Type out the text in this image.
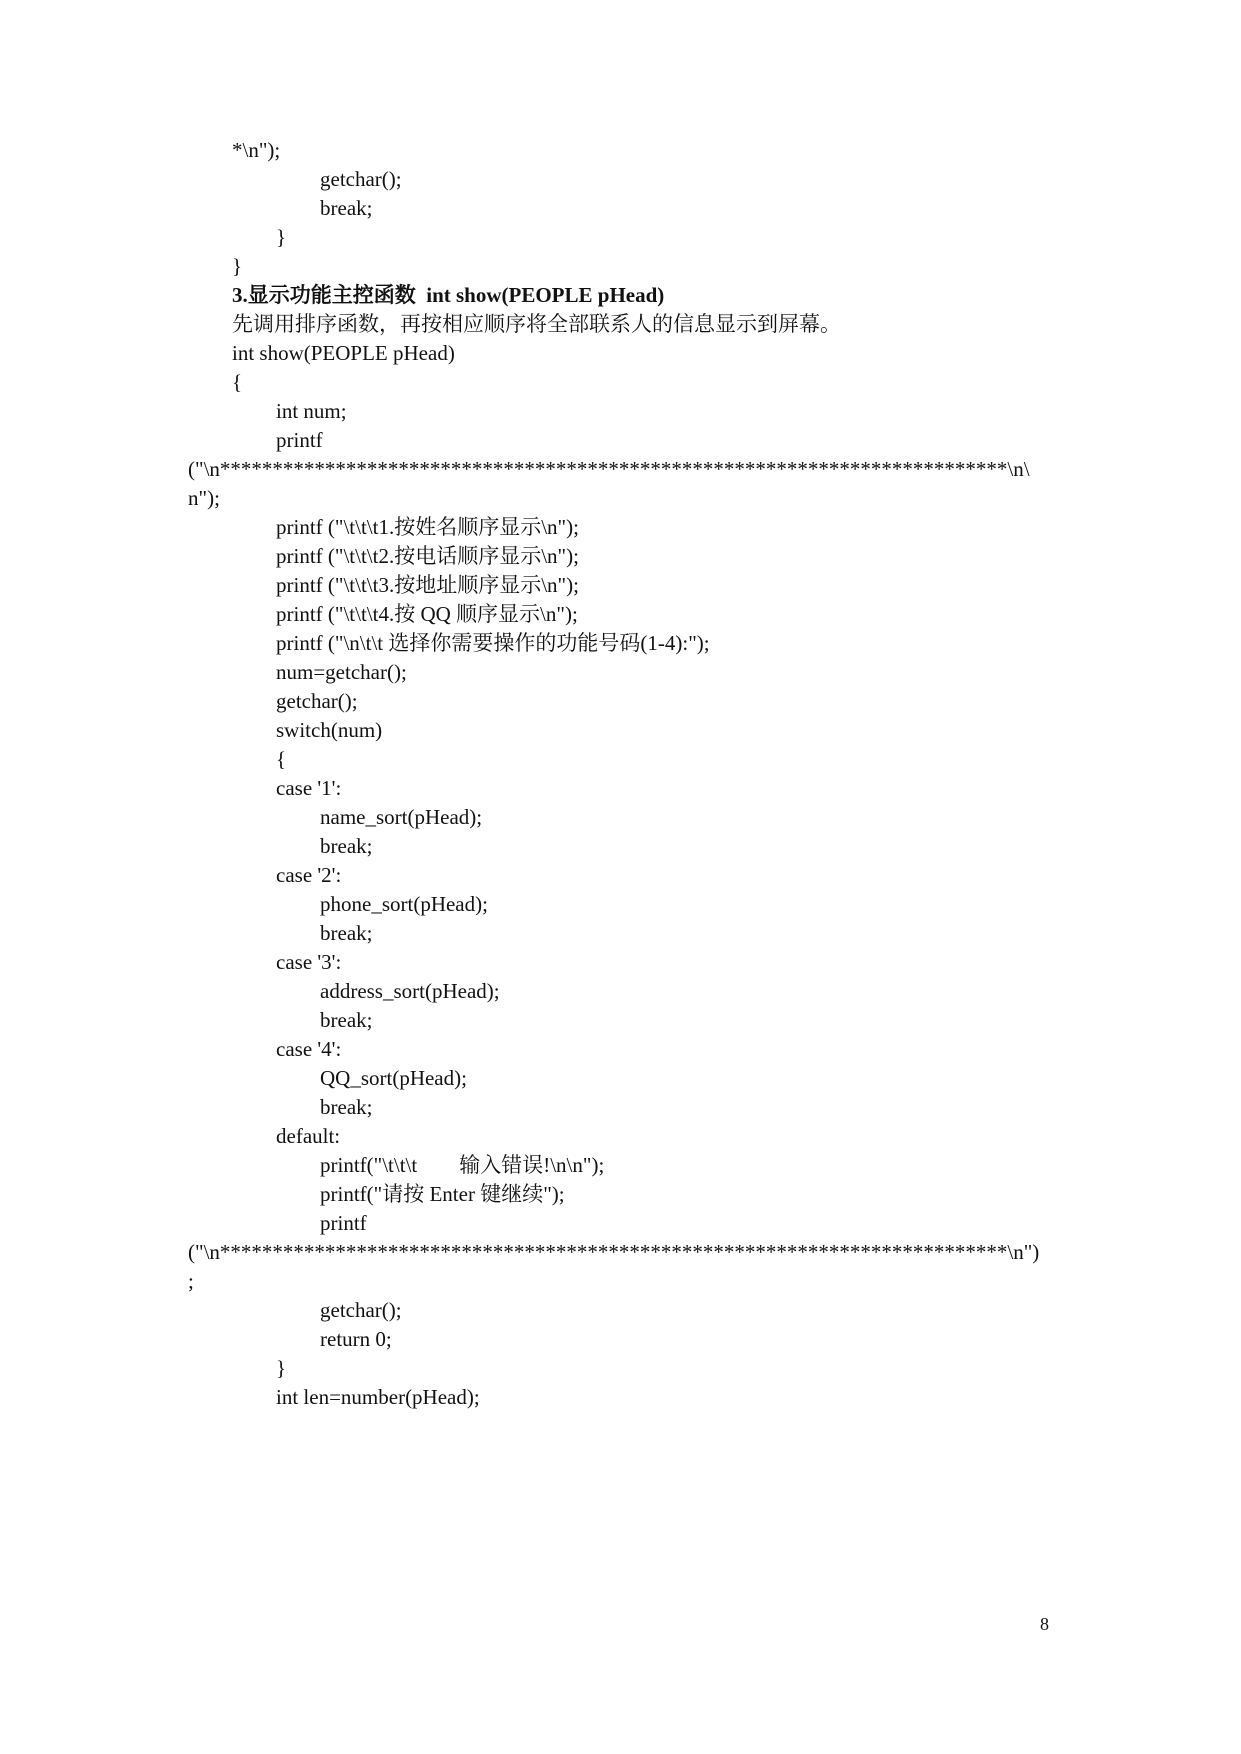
*\n");
getchar();
break;
}
}
3.显示功能主控函数  int show(PEOPLE pHead)
先调用排序函数，再按相应顺序将全部联系人的信息显示到屏幕。
int show(PEOPLE pHead)
{
int num;
printf
("\n***************************************************************************\n\
n");
printf ("\t\t\t1.按姓名顺序显示\n");
printf ("\t\t\t2.按电话顺序显示\n");
printf ("\t\t\t3.按地址顺序显示\n");
printf ("\t\t\t4.按 QQ 顺序显示\n");
printf ("\n\t\t 选择你需要操作的功能号码(1-4):");
num=getchar();
getchar();
switch(num)
{
case '1':
name_sort(pHead);
break;
case '2':
phone_sort(pHead);
break;
case '3':
address_sort(pHead);
break;
case '4':
QQ_sort(pHead);
break;
default:
printf("\t\t\t        输入错误!\n\n");
printf("请按 Enter 键继续");
printf
("\n***************************************************************************\n")
;
getchar();
return 0;
}
int len=number(pHead);
8
